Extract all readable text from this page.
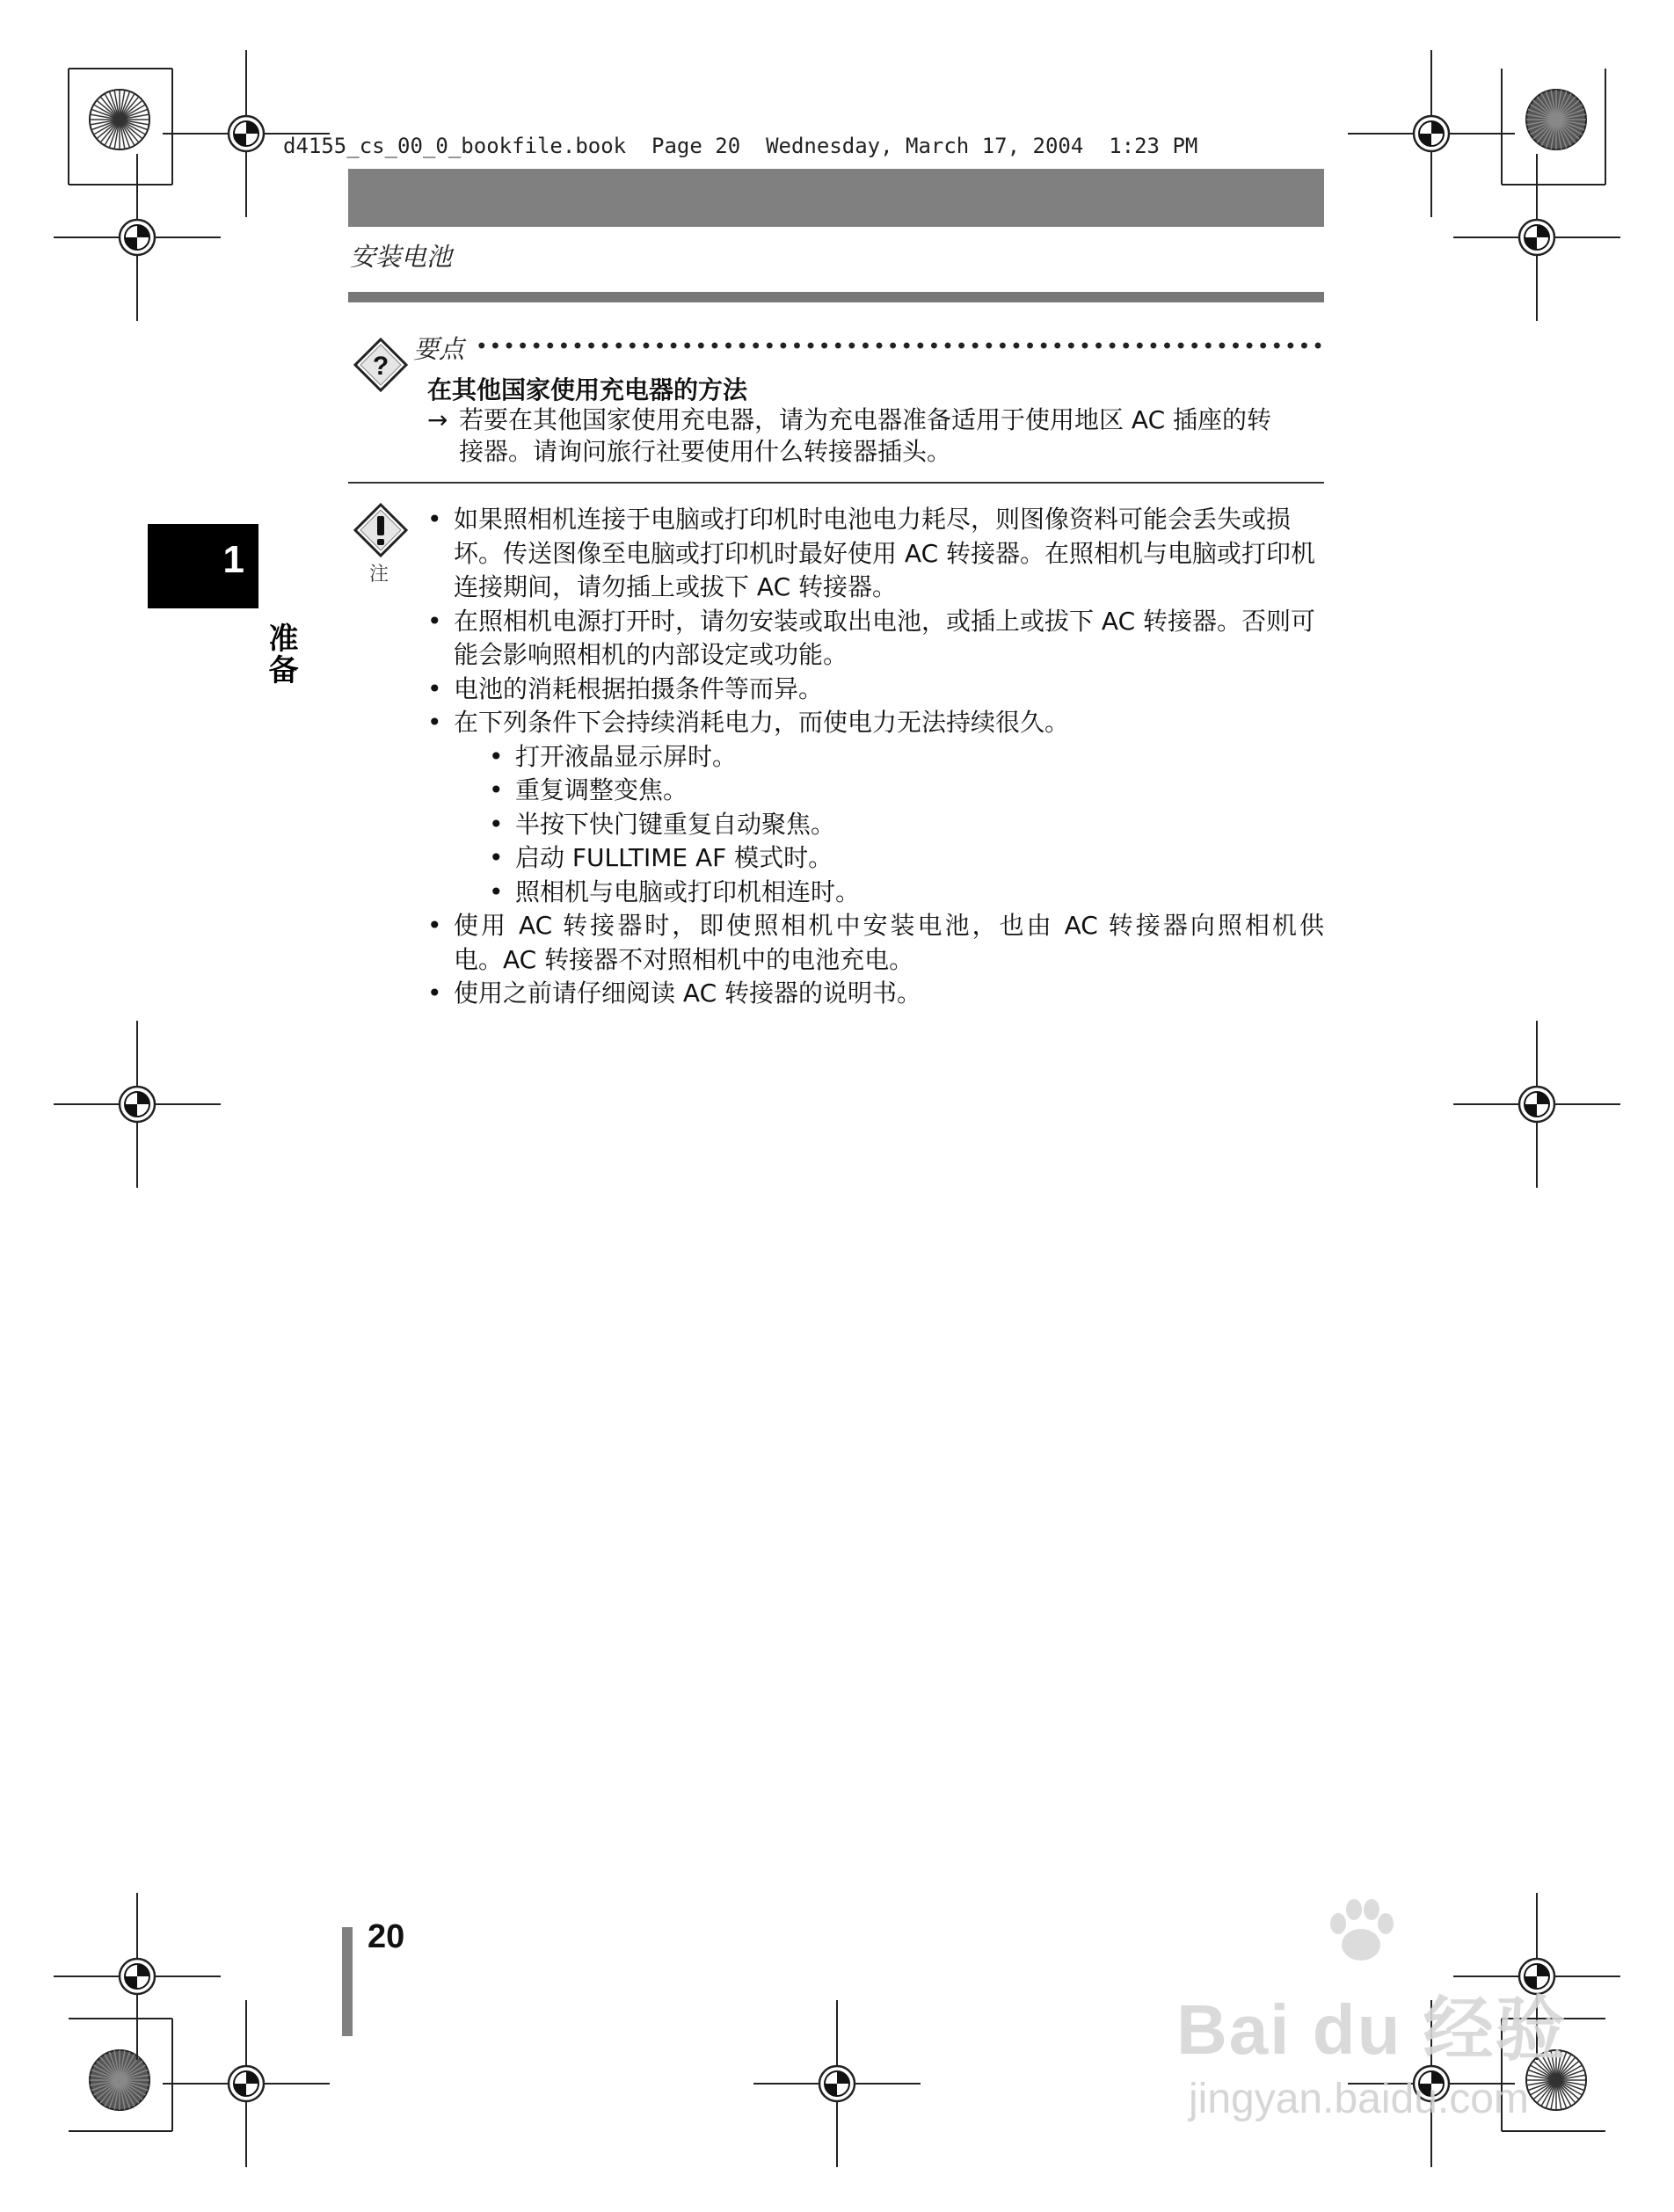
d4155_cs_00_0_bookfile.book  Page 20  Wednesday, March 17, 2004  1:23 PM
安装电池
?
要点
在其他国家使用充电器的方法
→ 若要在其他国家使用充电器，请为充电器准备适用于使用地区 AC 插座的转
接器。请询问旅行社要使用什么转接器插头。
注
1
准备
• 如果照相机连接于电脑或打印机时电池电力耗尽，则图像资料可能会丢失或损坏。传送图像至电脑或打印机时最好使用 AC 转接器。在照相机与电脑或打印机连接期间，请勿插上或拔下 AC 转接器。
• 在照相机电源打开时，请勿安装或取出电池，或插上或拔下 AC 转接器。否则可能会影响照相机的内部设定或功能。
• 电池的消耗根据拍摄条件等而异。
• 在下列条件下会持续消耗电力，而使电力无法持续很久。
• 打开液晶显示屏时。
• 重复调整变焦。
• 半按下快门键重复自动聚焦。
• 启动 FULLTIME AF 模式时。
• 照相机与电脑或打印机相连时。
• 使用 AC 转接器时，即使照相机中安装电池，也由 AC 转接器向照相机供
电。AC 转接器不对照相机中的电池充电。
• 使用之前请仔细阅读 AC 转接器的说明书。
20
Bai du 经验
jingyan.baidu.com
